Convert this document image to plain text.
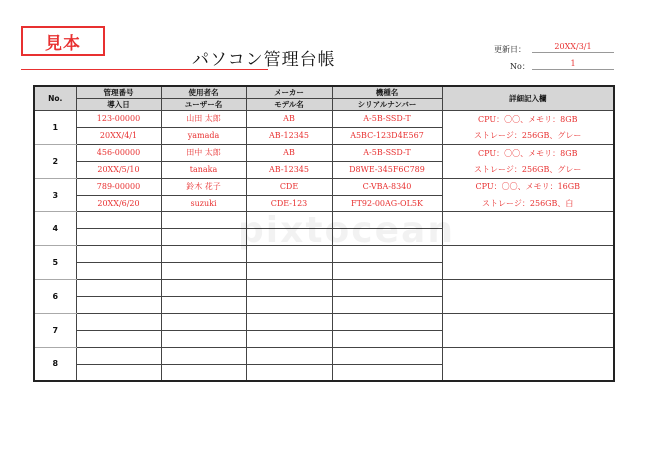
見本
パソコン管理台帳
更新日：	20XX/3/1
No：	1
No.	管理番号	使用者名	メーカー	機種名	詳細記入欄
	導入日	ユーザー名	モデル名	シリアルナンバー	
1	123-00000	山田 太郎	AB	A-5B-SSD-T	CPU：〇〇、メモリ：8GB
	20XX/4/1	yamada	AB-12345	A5BC-123D4E567	ストレージ：256GB、グレー
2	456-00000	田中 太郎	AB	A-5B-SSD-T	CPU：〇〇、メモリ：8GB
	20XX/5/10	tanaka	AB-12345	D8WE-345F6C789	ストレージ：256GB、グレー
3	789-00000	鈴木 花子	CDE	C-VBA-8340	CPU：〇〇、メモリ：16GB
	20XX/6/20	suzuki	CDE-123	FT92-00AG-OL5K	ストレージ：256GB、白
4					

5					

6					

7					

8					

pixtocean
